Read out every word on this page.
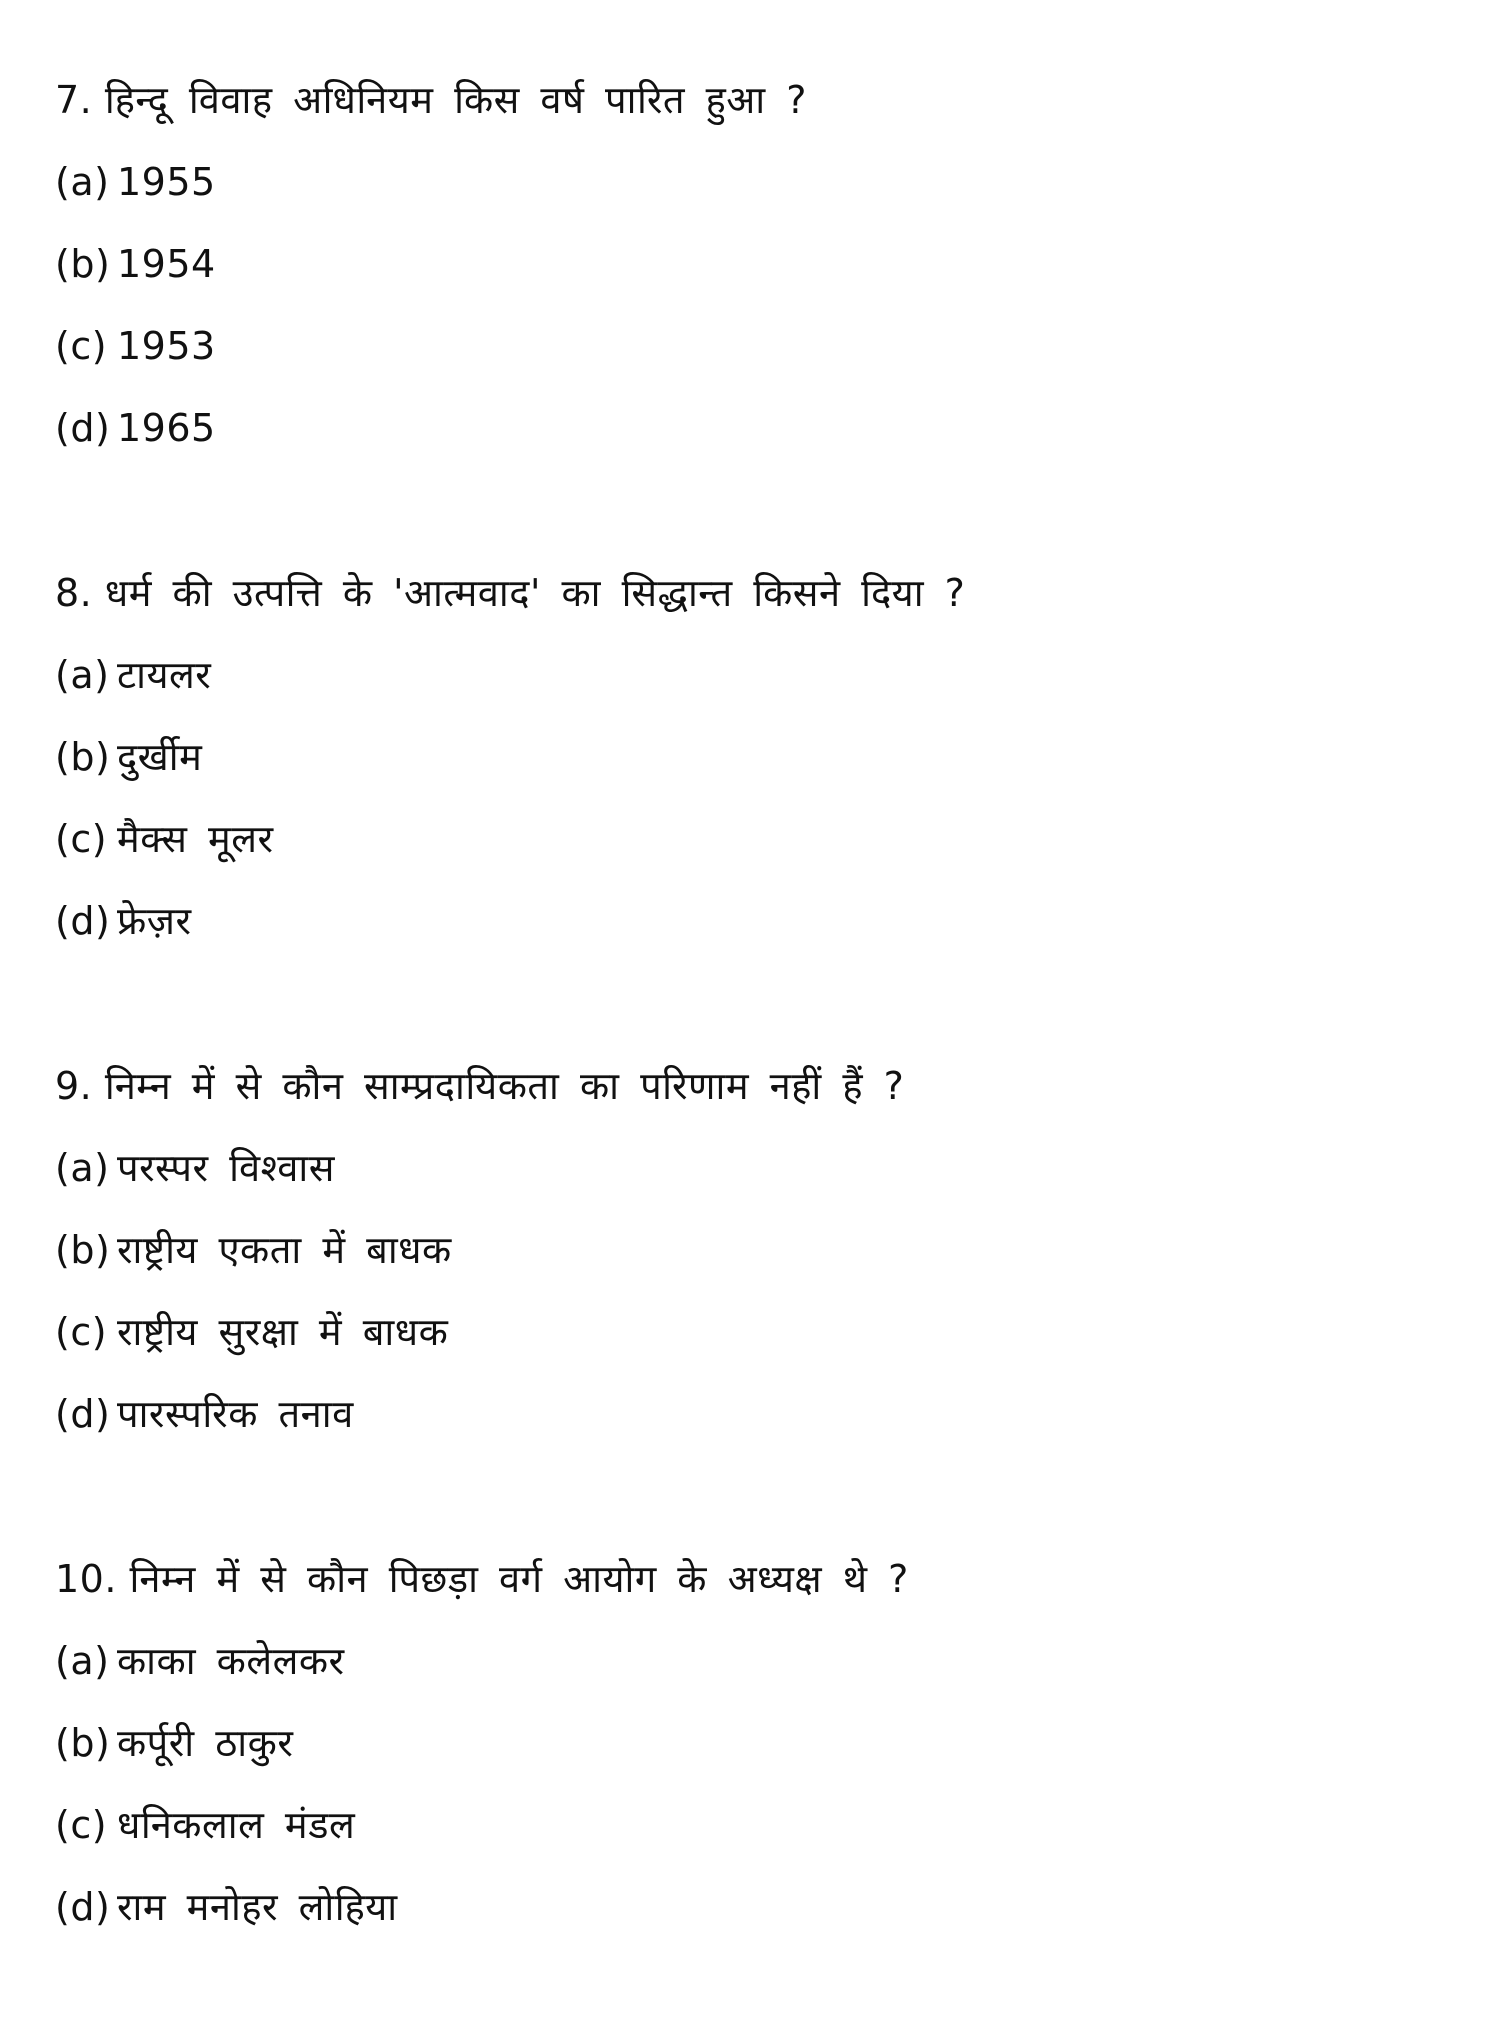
7. हिन्दू विवाह अधिनियम किस वर्ष पारित हुआ ?
(a) 1955
(b) 1954
(c) 1953
(d) 1965
8. धर्म की उत्पत्ति के 'आत्मवाद' का सिद्धान्त किसने दिया ?
(a) टायलर
(b) दुर्खीम
(c) मैक्स मूलर
(d) फ्रेज़र
9. निम्न में से कौन साम्प्रदायिकता का परिणाम नहीं हैं ?
(a) परस्पर विश्वास
(b) राष्ट्रीय एकता में बाधक
(c) राष्ट्रीय सुरक्षा में बाधक
(d) पारस्परिक तनाव
10. निम्न में से कौन पिछड़ा वर्ग आयोग के अध्यक्ष थे ?
(a) काका कलेलकर
(b) कर्पूरी ठाकुर
(c) धनिकलाल मंडल
(d) राम मनोहर लोहिया
